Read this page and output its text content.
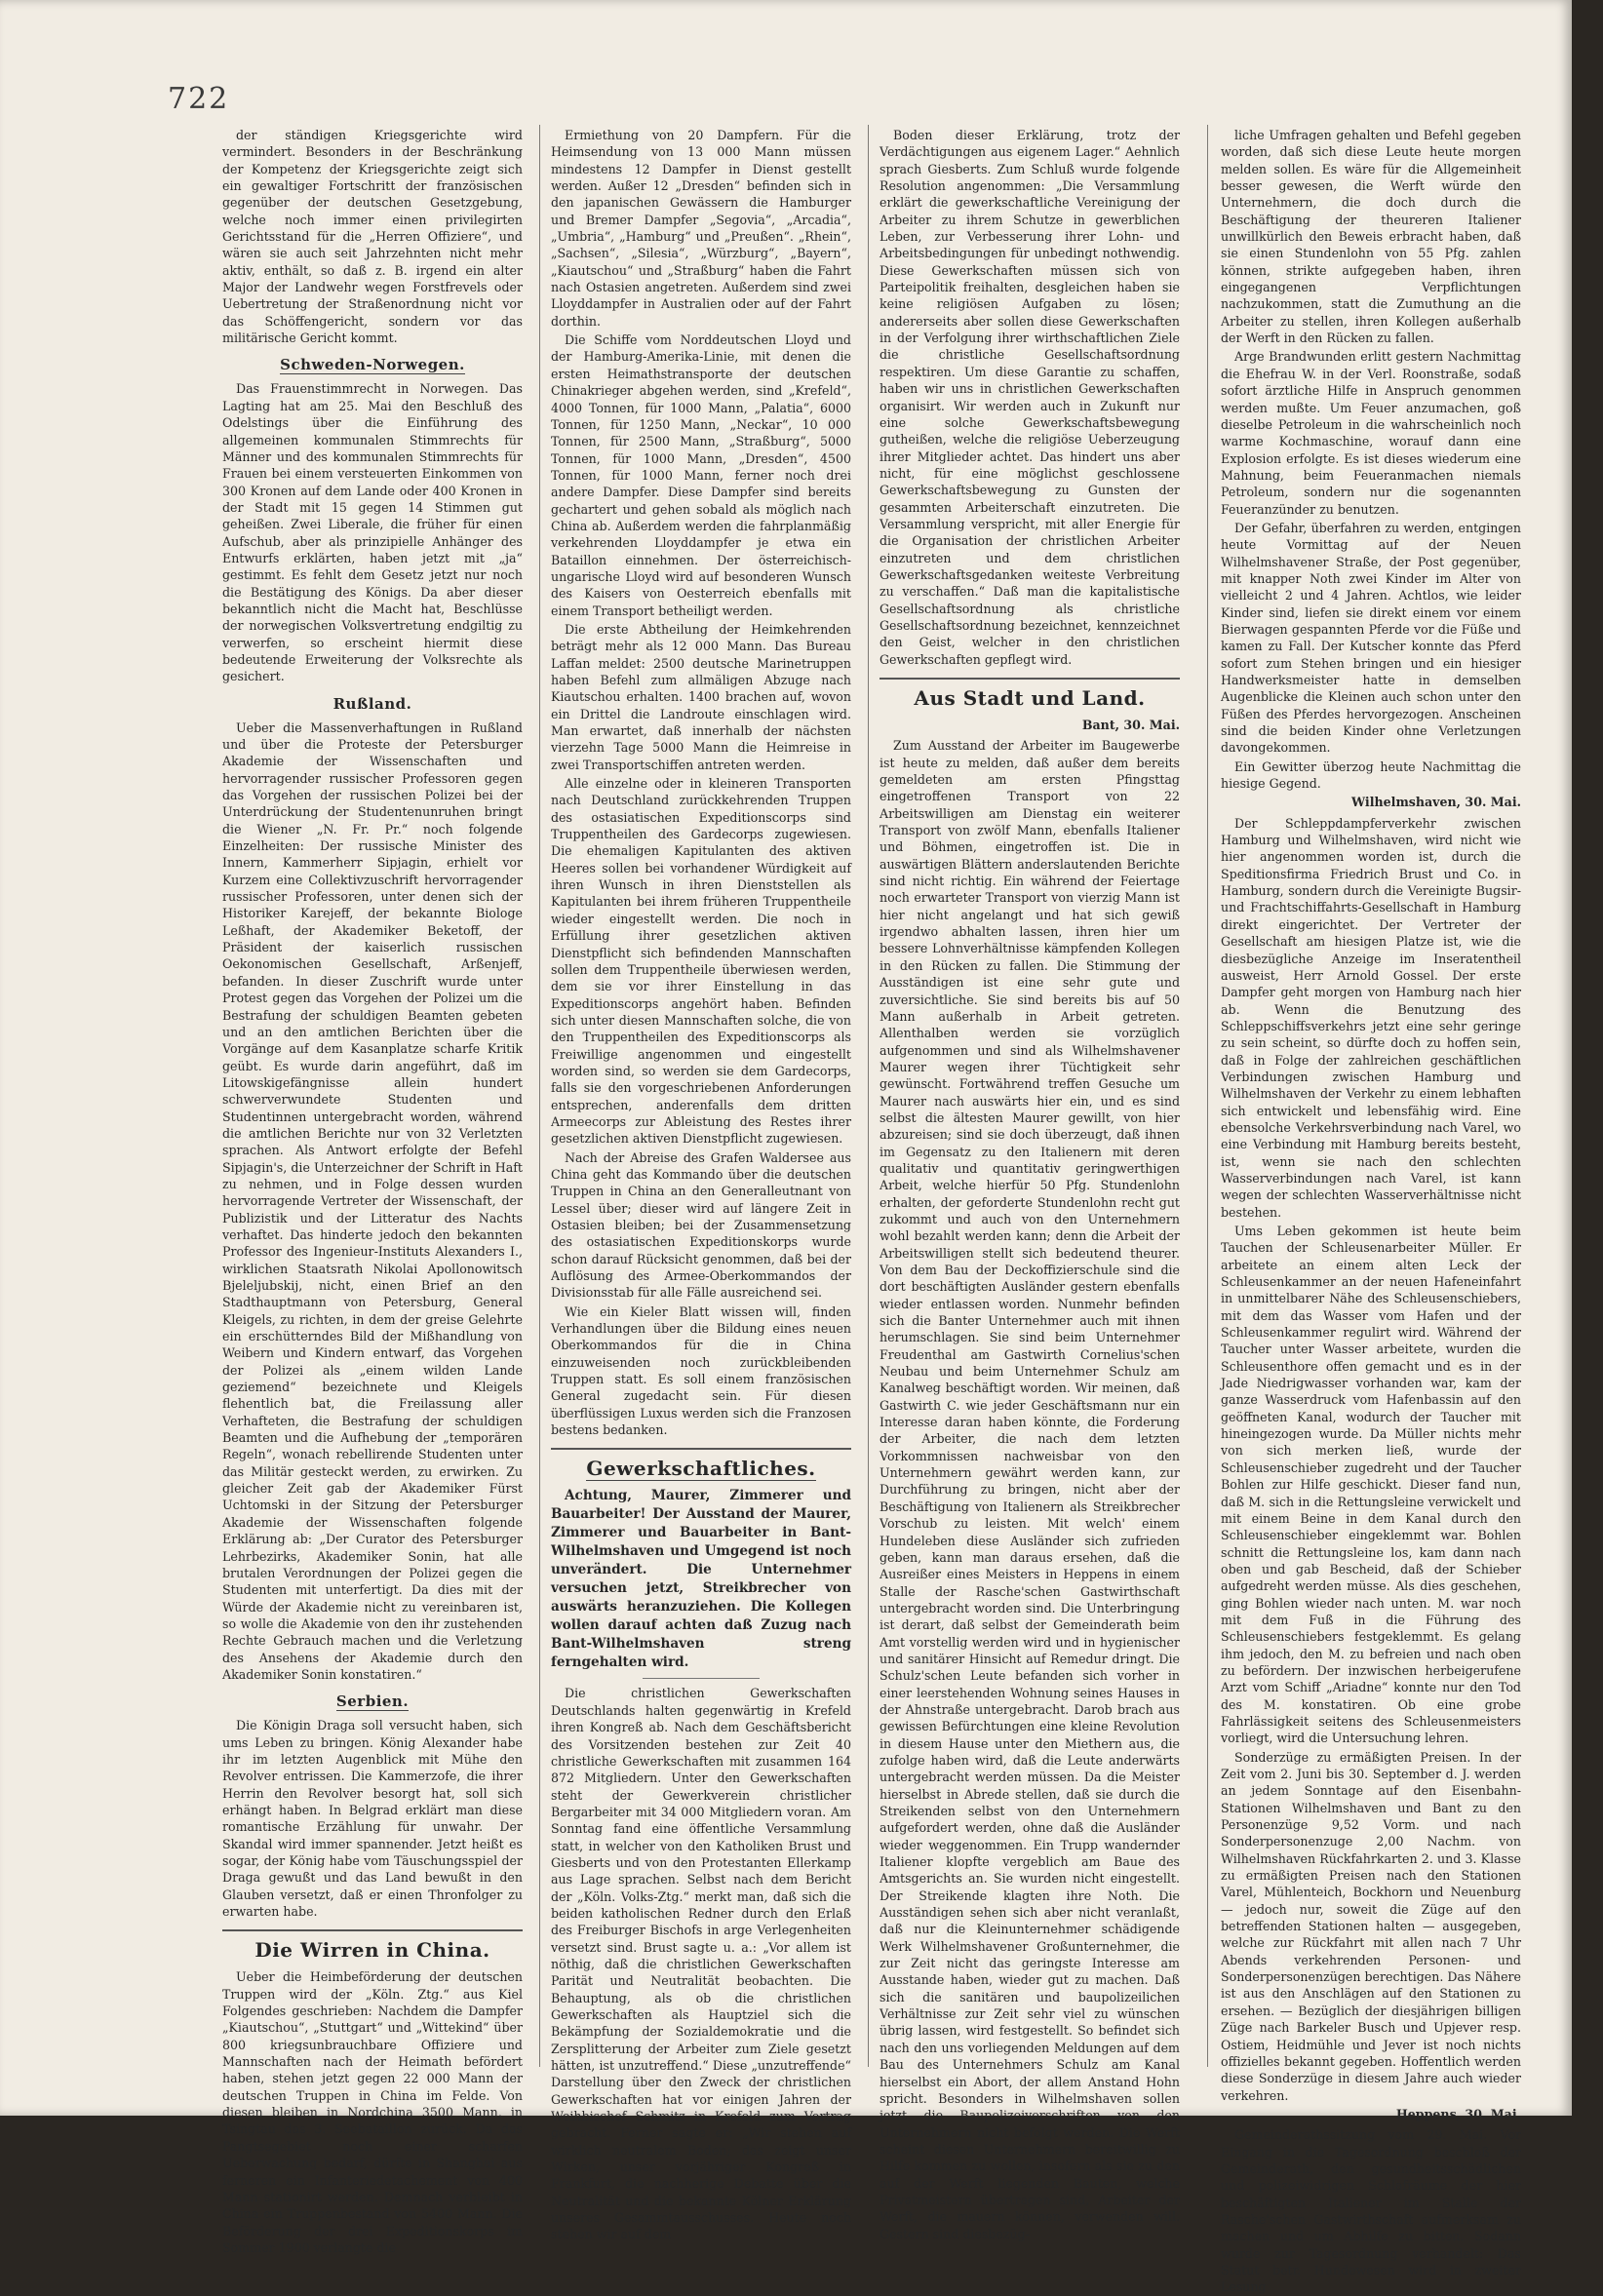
722

der ständigen Kriegsgerichte wird vermindert. Besonders in der Beschränkung der Kompetenz der Kriegsgerichte zeigt sich ein gewaltiger Fortschritt der französischen gegenüber der deutschen Gesetzgebung, welche noch immer einen privilegirten Gerichtsstand für die „Herren Offiziere“, und wären sie auch seit Jahrzehnten nicht mehr aktiv, enthält, so daß z. B. irgend ein alter Major der Landwehr wegen Forstfrevels oder Uebertretung der Straßenordnung nicht vor das Schöffengericht, sondern vor das militärische Gericht kommt.

Schweden-Norwegen.

Das Frauenstimmrecht in Norwegen. Das Lagting hat am 25. Mai den Beschluß des Odelstings über die Einführung des allgemeinen kommunalen Stimmrechts für Männer und des kommunalen Stimmrechts für Frauen bei einem versteuerten Einkommen von 300 Kronen auf dem Lande oder 400 Kronen in der Stadt mit 15 gegen 14 Stimmen gut geheißen. Zwei Liberale, die früher für einen Aufschub, aber als prinzipielle Anhänger des Entwurfs erklärten, haben jetzt mit „ja“ gestimmt. Es fehlt dem Gesetz jetzt nur noch die Bestätigung des Königs. Da aber dieser bekanntlich nicht die Macht hat, Beschlüsse der norwegischen Volksvertretung endgiltig zu verwerfen, so erscheint hiermit diese bedeutende Erweiterung der Volksrechte als gesichert.

Rußland.

Ueber die Massenverhaftungen in Rußland und über die Proteste der Petersburger Akademie der Wissenschaften und hervorragender russischer Professoren gegen das Vorgehen der russischen Polizei bei der Unterdrückung der Studentenunruhen bringt die Wiener „N. Fr. Pr.“ noch folgende Einzelheiten: Der russische Minister des Innern, Kammerherr Sipjagin, erhielt vor Kurzem eine Collektivzuschrift hervorragender russischer Professoren, unter denen sich der Historiker Karejeff, der bekannte Biologe Leßhaft, der Akademiker Beketoff, der Präsident der kaiserlich russischen Oekonomischen Gesellschaft, Arßenjeff, befanden. In dieser Zuschrift wurde unter Protest gegen das Vorgehen der Polizei um die Bestrafung der schuldigen Beamten gebeten und an den amtlichen Berichten über die Vorgänge auf dem Kasanplatze scharfe Kritik geübt. Es wurde darin angeführt, daß im Litowskigefängnisse allein hundert schwerverwundete Studenten und Studentinnen untergebracht worden, während die amtlichen Berichte nur von 32 Verletzten sprachen. Als Antwort erfolgte der Befehl Sipjagin's, die Unterzeichner der Schrift in Haft zu nehmen, und in Folge dessen wurden hervorragende Vertreter der Wissenschaft, der Publizistik und der Litteratur des Nachts verhaftet. Das hinderte jedoch den bekannten Professor des Ingenieur-Instituts Alexanders I., wirklichen Staatsrath Nikolai Apollonowitsch Bjeleljubskij, nicht, einen Brief an den Stadthauptmann von Petersburg, General Kleigels, zu richten, in dem der greise Gelehrte ein erschütterndes Bild der Mißhandlung von Weibern und Kindern entwarf, das Vorgehen der Polizei als „einem wilden Lande geziemend“ bezeichnete und Kleigels flehentlich bat, die Freilassung aller Verhafteten, die Bestrafung der schuldigen Beamten und die Aufhebung der „temporären Regeln“, wonach rebellirende Studenten unter das Militär gesteckt werden, zu erwirken. Zu gleicher Zeit gab der Akademiker Fürst Uchtomski in der Sitzung der Petersburger Akademie der Wissenschaften folgende Erklärung ab: „Der Curator des Petersburger Lehrbezirks, Akademiker Sonin, hat alle brutalen Verordnungen der Polizei gegen die Studenten mit unterfertigt. Da dies mit der Würde der Akademie nicht zu vereinbaren ist, so wolle die Akademie von den ihr zustehenden Rechte Gebrauch machen und die Verletzung des Ansehens der Akademie durch den Akademiker Sonin konstatiren.“

Serbien.

Die Königin Draga soll versucht haben, sich ums Leben zu bringen. König Alexander habe ihr im letzten Augenblick mit Mühe den Revolver entrissen. Die Kammerzofe, die ihrer Herrin den Revolver besorgt hat, soll sich erhängt haben. In Belgrad erklärt man diese romantische Erzählung für unwahr. Der Skandal wird immer spannender. Jetzt heißt es sogar, der König habe vom Täuschungsspiel der Draga gewußt und das Land bewußt in den Glauben versetzt, daß er einen Thronfolger zu erwarten habe.

Die Wirren in China.

Ueber die Heimbeförderung der deutschen Truppen wird der „Köln. Ztg.“ aus Kiel Folgendes geschrieben: Nachdem die Dampfer „Kiautschou“, „Stuttgart“ und „Wittekind“ über 800 kriegsunbrauchbare Offiziere und Mannschaften nach der Heimath befördert haben, stehen jetzt gegen 22 000 Mann der deutschen Truppen in China im Felde. Von diesen bleiben in Nordchina 3500 Mann, in Tsingtau das 3. Seebataillon zurück. Da das Pangtsegebiet noch einer scharfen Ueberwachung bedarf, dürfte in Shanghai aus ferneren ein Infanteriedetachement von 400 Mann stationirt werden. Demnach verbleibt in China ein Truppenbestand von 5400 Mann. Die Beförderung der drei Expeditionskorps im Sommer 1900 verlangte die

Ermiethung von 20 Dampfern. Für die Heimsendung von 13 000 Mann müssen mindestens 12 Dampfer in Dienst gestellt werden. Außer 12 „Dresden“ befinden sich in den japanischen Gewässern die Hamburger und Bremer Dampfer „Segovia“, „Arcadia“, „Umbria“, „Hamburg“ und „Preußen“. „Rhein“, „Sachsen“, „Silesia“, „Würzburg“, „Bayern“, „Kiautschou“ und „Straßburg“ haben die Fahrt nach Ostasien angetreten. Außerdem sind zwei Lloyddampfer in Australien oder auf der Fahrt dorthin.

Die Schiffe vom Norddeutschen Lloyd und der Hamburg-Amerika-Linie, mit denen die ersten Heimathstransporte der deutschen Chinakrieger abgehen werden, sind „Krefeld“, 4000 Tonnen, für 1000 Mann, „Palatia“, 6000 Tonnen, für 1250 Mann, „Neckar“, 10 000 Tonnen, für 2500 Mann, „Straßburg“, 5000 Tonnen, für 1000 Mann, „Dresden“, 4500 Tonnen, für 1000 Mann, ferner noch drei andere Dampfer. Diese Dampfer sind bereits gechartert und gehen sobald als möglich nach China ab. Außerdem werden die fahrplanmäßig verkehrenden Lloyddampfer je etwa ein Bataillon einnehmen. Der österreichisch-ungarische Lloyd wird auf besonderen Wunsch des Kaisers von Oesterreich ebenfalls mit einem Transport betheiligt werden.

Die erste Abtheilung der Heimkehrenden beträgt mehr als 12 000 Mann. Das Bureau Laffan meldet: 2500 deutsche Marinetruppen haben Befehl zum allmäligen Abzuge nach Kiautschou erhalten. 1400 brachen auf, wovon ein Drittel die Landroute einschlagen wird. Man erwartet, daß innerhalb der nächsten vierzehn Tage 5000 Mann die Heimreise in zwei Transportschiffen antreten werden.

Alle einzelne oder in kleineren Transporten nach Deutschland zurückkehrenden Truppen des ostasiatischen Expeditionscorps sind Truppentheilen des Gardecorps zugewiesen. Die ehemaligen Kapitulanten des aktiven Heeres sollen bei vorhandener Würdigkeit auf ihren Wunsch in ihren Dienststellen als Kapitulanten bei ihrem früheren Truppentheile wieder eingestellt werden. Die noch in Erfüllung ihrer gesetzlichen aktiven Dienstpflicht sich befindenden Mannschaften sollen dem Truppentheile überwiesen werden, dem sie vor ihrer Einstellung in das Expeditionscorps angehört haben. Befinden sich unter diesen Mannschaften solche, die von den Truppentheilen des Expeditionscorps als Freiwillige angenommen und eingestellt worden sind, so werden sie dem Gardecorps, falls sie den vorgeschriebenen Anforderungen entsprechen, anderenfalls dem dritten Armeecorps zur Ableistung des Restes ihrer gesetzlichen aktiven Dienstpflicht zugewiesen.

Nach der Abreise des Grafen Waldersee aus China geht das Kommando über die deutschen Truppen in China an den Generalleutnant von Lessel über; dieser wird auf längere Zeit in Ostasien bleiben; bei der Zusammensetzung des ostasiatischen Expeditionskorps wurde schon darauf Rücksicht genommen, daß bei der Auflösung des Armee-Oberkommandos der Divisionsstab für alle Fälle ausreichend sei.

Wie ein Kieler Blatt wissen will, finden Verhandlungen über die Bildung eines neuen Oberkommandos für die in China einzuweisenden noch zurückbleibenden Truppen statt. Es soll einem französischen General zugedacht sein. Für diesen überflüssigen Luxus werden sich die Franzosen bestens bedanken.

Gewerkschaftliches.

Achtung, Maurer, Zimmerer und Bauarbeiter! Der Ausstand der Maurer, Zimmerer und Bauarbeiter in Bant-Wilhelmshaven und Umgegend ist noch unverändert. Die Unternehmer versuchen jetzt, Streikbrecher von auswärts heranzuziehen. Die Kollegen wollen darauf achten daß Zuzug nach Bant-Wilhelmshaven streng ferngehalten wird.

Die christlichen Gewerkschaften Deutschlands halten gegenwärtig in Krefeld ihren Kongreß ab. Nach dem Geschäftsbericht des Vorsitzenden bestehen zur Zeit 40 christliche Gewerkschaften mit zusammen 164 872 Mitgliedern. Unter den Gewerkschaften steht der Gewerkverein christlicher Bergarbeiter mit 34 000 Mitgliedern voran. Am Sonntag fand eine öffentliche Versammlung statt, in welcher von den Katholiken Brust und Giesberts und von den Protestanten Ellerkamp aus Lage sprachen. Selbst nach dem Bericht der „Köln. Volks-Ztg.“ merkt man, daß sich die beiden katholischen Redner durch den Erlaß des Freiburger Bischofs in arge Verlegenheiten versetzt sind. Brust sagte u. a.: „Vor allem ist nöthig, daß die christlichen Gewerkschaften Parität und Neutralität beobachten. Die Behauptung, als ob die christlichen Gewerkschaften als Hauptziel sich die Bekämpfung der Sozialdemokratie und die Zersplitterung der Arbeiter zum Ziele gesetzt hätten, ist unzutreffend.“ Diese „unzutreffende“ Darstellung über den Zweck der christlichen Gewerkschaften hat vor einigen Jahren der Weihbischof Schmitz in Krefeld zum Vortrag gebracht. Ferner sagte er: „Wir stehen auf wirklich neutralem Boden; das zeigt unser Wirken, unser vorjähriger Kongreß in Frankfurt, die nachherige Debatte über die Neutralität und die bekannte Kölner Erklärung unseres Gesammtausschusses. Heute noch stehen wir auf dem

Boden dieser Erklärung, trotz der Verdächtigungen aus eigenem Lager.“ Aehnlich sprach Giesberts. Zum Schluß wurde folgende Resolution angenommen: „Die Versammlung erklärt die gewerkschaftliche Vereinigung der Arbeiter zu ihrem Schutze in gewerblichen Leben, zur Verbesserung ihrer Lohn- und Arbeitsbedingungen für unbedingt nothwendig. Diese Gewerkschaften müssen sich von Parteipolitik freihalten, desgleichen haben sie keine religiösen Aufgaben zu lösen; andererseits aber sollen diese Gewerkschaften in der Verfolgung ihrer wirthschaftlichen Ziele die christliche Gesellschaftsordnung respektiren. Um diese Garantie zu schaffen, haben wir uns in christlichen Gewerkschaften organisirt. Wir werden auch in Zukunft nur eine solche Gewerkschaftsbewegung gutheißen, welche die religiöse Ueberzeugung ihrer Mitglieder achtet. Das hindert uns aber nicht, für eine möglichst geschlossene Gewerkschaftsbewegung zu Gunsten der gesammten Arbeiterschaft einzutreten. Die Versammlung verspricht, mit aller Energie für die Organisation der christlichen Arbeiter einzutreten und dem christlichen Gewerkschaftsgedanken weiteste Verbreitung zu verschaffen.“ Daß man die kapitalistische Gesellschaftsordnung als christliche Gesellschaftsordnung bezeichnet, kennzeichnet den Geist, welcher in den christlichen Gewerkschaften gepflegt wird.

Aus Stadt und Land.
Bant, 30. Mai.

Zum Ausstand der Arbeiter im Baugewerbe ist heute zu melden, daß außer dem bereits gemeldeten am ersten Pfingsttag eingetroffenen Transport von 22 Arbeitswilligen am Dienstag ein weiterer Transport von zwölf Mann, ebenfalls Italiener und Böhmen, eingetroffen ist. Die in auswärtigen Blättern anderslautenden Berichte sind nicht richtig. Ein während der Feiertage noch erwarteter Transport von vierzig Mann ist hier nicht angelangt und hat sich gewiß irgendwo abhalten lassen, ihren hier um bessere Lohnverhältnisse kämpfenden Kollegen in den Rücken zu fallen. Die Stimmung der Ausständigen ist eine sehr gute und zuversichtliche. Sie sind bereits bis auf 50 Mann außerhalb in Arbeit getreten. Allenthalben werden sie vorzüglich aufgenommen und sind als Wilhelmshavener Maurer wegen ihrer Tüchtigkeit sehr gewünscht. Fortwährend treffen Gesuche um Maurer nach auswärts hier ein, und es sind selbst die ältesten Maurer gewillt, von hier abzureisen; sind sie doch überzeugt, daß ihnen im Gegensatz zu den Italienern mit deren qualitativ und quantitativ geringwerthigen Arbeit, welche hierfür 50 Pfg. Stundenlohn erhalten, der geforderte Stundenlohn recht gut zukommt und auch von den Unternehmern wohl bezahlt werden kann; denn die Arbeit der Arbeitswilligen stellt sich bedeutend theurer. Von dem Bau der Deckoffizierschule sind die dort beschäftigten Ausländer gestern ebenfalls wieder entlassen worden. Nunmehr befinden sich die Banter Unternehmer auch mit ihnen herumschlagen. Sie sind beim Unternehmer Freudenthal am Gastwirth Cornelius'schen Neubau und beim Unternehmer Schulz am Kanalweg beschäftigt worden. Wir meinen, daß Gastwirth C. wie jeder Geschäftsmann nur ein Interesse daran haben könnte, die Forderung der Arbeiter, die nach dem letzten Vorkommnissen nachweisbar von den Unternehmern gewährt werden kann, zur Durchführung zu bringen, nicht aber der Beschäftigung von Italienern als Streikbrecher Vorschub zu leisten. Mit welch' einem Hundeleben diese Ausländer sich zufrieden geben, kann man daraus ersehen, daß die Ausreißer eines Meisters in Heppens in einem Stalle der Rasche'schen Gastwirthschaft untergebracht worden sind. Die Unterbringung ist derart, daß selbst der Gemeinderath beim Amt vorstellig werden wird und in hygienischer und sanitärer Hinsicht auf Remedur dringt. Die Schulz'schen Leute befanden sich vorher in einer leerstehenden Wohnung seines Hauses in der Ahnstraße untergebracht. Darob brach aus gewissen Befürchtungen eine kleine Revolution in diesem Hause unter den Miethern aus, die zufolge haben wird, daß die Leute anderwärts untergebracht werden müssen. Da die Meister hierselbst in Abrede stellen, daß sie durch die Streikenden selbst von den Unternehmern aufgefordert werden, ohne daß die Ausländer wieder weggenommen. Ein Trupp wandernder Italiener klopfte vergeblich am Baue des Amtsgerichts an. Sie wurden nicht eingestellt. Der Streikende klagten ihre Noth. Die Ausständigen sehen sich aber nicht veranlaßt, daß nur die Kleinunternehmer schädigende Werk Wilhelmshavener Großunternehmer, die zur Zeit nicht das geringste Interesse am Ausstande haben, wieder gut zu machen. Daß sich die sanitären und baupolizeilichen Verhältnisse zur Zeit sehr viel zu wünschen übrig lassen, wird festgestellt. So befindet sich nach den uns vorliegenden Meldungen auf dem Bau des Unternehmers Schulz am Kanal hierselbst ein Abort, der allem Anstand Hohn spricht. Besonders in Wilhelmshaven sollen jetzt die Baupolizeivorschriften von den Unternehmern nicht befolgt werden. Die Werft scheint diesen Unternehmern bereitwillig zu Hilfe kommen zu wollen, insofern als sie zu den auf der Werft liegenden Bauten, welche Privatmeistern übertragen sind, Arbeiter der Werft, die mauern können, verwenden will. Gestern sind diesbezüg-

liche Umfragen gehalten und Befehl gegeben worden, daß sich diese Leute heute morgen melden sollen. Es wäre für die Allgemeinheit besser gewesen, die Werft würde den Unternehmern, die doch durch die Beschäftigung der theureren Italiener unwillkürlich den Beweis erbracht haben, daß sie einen Stundenlohn von 55 Pfg. zahlen können, strikte aufgegeben haben, ihren eingegangenen Verpflichtungen nachzukommen, statt die Zumuthung an die Arbeiter zu stellen, ihren Kollegen außerhalb der Werft in den Rücken zu fallen.

Arge Brandwunden erlitt gestern Nachmittag die Ehefrau W. in der Verl. Roonstraße, sodaß sofort ärztliche Hilfe in Anspruch genommen werden mußte. Um Feuer anzumachen, goß dieselbe Petroleum in die wahrscheinlich noch warme Kochmaschine, worauf dann eine Explosion erfolgte. Es ist dieses wiederum eine Mahnung, beim Feueranmachen niemals Petroleum, sondern nur die sogenannten Feueranzünder zu benutzen.

Der Gefahr, überfahren zu werden, entgingen heute Vormittag auf der Neuen Wilhelmshavener Straße, der Post gegenüber, mit knapper Noth zwei Kinder im Alter von vielleicht 2 und 4 Jahren. Achtlos, wie leider Kinder sind, liefen sie direkt einem vor einem Bierwagen gespannten Pferde vor die Füße und kamen zu Fall. Der Kutscher konnte das Pferd sofort zum Stehen bringen und ein hiesiger Handwerksmeister hatte in demselben Augenblicke die Kleinen auch schon unter den Füßen des Pferdes hervorgezogen. Anscheinen sind die beiden Kinder ohne Verletzungen davongekommen.

Ein Gewitter überzog heute Nachmittag die hiesige Gegend.

Wilhelmshaven, 30. Mai.

Der Schleppdampferverkehr zwischen Hamburg und Wilhelmshaven, wird nicht wie hier angenommen worden ist, durch die Speditionsfirma Friedrich Brust und Co. in Hamburg, sondern durch die Vereinigte Bugsir- und Frachtschiffahrts-Gesellschaft in Hamburg direkt eingerichtet. Der Vertreter der Gesellschaft am hiesigen Platze ist, wie die diesbezügliche Anzeige im Inseratentheil ausweist, Herr Arnold Gossel. Der erste Dampfer geht morgen von Hamburg nach hier ab. Wenn die Benutzung des Schleppschiffsverkehrs jetzt eine sehr geringe zu sein scheint, so dürfte doch zu hoffen sein, daß in Folge der zahlreichen geschäftlichen Verbindungen zwischen Hamburg und Wilhelmshaven der Verkehr zu einem lebhaften sich entwickelt und lebensfähig wird. Eine ebensolche Verkehrsverbindung nach Varel, wo eine Verbindung mit Hamburg bereits besteht, ist, wenn sie nach den schlechten Wasserverbindungen nach Varel, ist kann wegen der schlechten Wasserverhältnisse nicht bestehen.

Ums Leben gekommen ist heute beim Tauchen der Schleusenarbeiter Müller. Er arbeitete an einem alten Leck der Schleusenkammer an der neuen Hafeneinfahrt in unmittelbarer Nähe des Schleusenschiebers, mit dem das Wasser vom Hafen und der Schleusenkammer regulirt wird. Während der Taucher unter Wasser arbeitete, wurden die Schleusenthore offen gemacht und es in der Jade Niedrigwasser vorhanden war, kam der ganze Wasserdruck vom Hafenbassin auf den geöffneten Kanal, wodurch der Taucher mit hineingezogen wurde. Da Müller nichts mehr von sich merken ließ, wurde der Schleusenschieber zugedreht und der Taucher Bohlen zur Hilfe geschickt. Dieser fand nun, daß M. sich in die Rettungsleine verwickelt und mit einem Beine in dem Kanal durch den Schleusenschieber eingeklemmt war. Bohlen schnitt die Rettungsleine los, kam dann nach oben und gab Bescheid, daß der Schieber aufgedreht werden müsse. Als dies geschehen, ging Bohlen wieder nach unten. M. war noch mit dem Fuß in die Führung des Schleusenschiebers festgeklemmt. Es gelang ihm jedoch, den M. zu befreien und nach oben zu befördern. Der inzwischen herbeigerufene Arzt vom Schiff „Ariadne“ konnte nur den Tod des M. konstatiren. Ob eine grobe Fahrlässigkeit seitens des Schleusenmeisters vorliegt, wird die Untersuchung lehren.

Sonderzüge zu ermäßigten Preisen. In der Zeit vom 2. Juni bis 30. September d. J. werden an jedem Sonntage auf den Eisenbahn-Stationen Wilhelmshaven und Bant zu den Personenzüge 9,52 Vorm. und nach Sonderpersonenzuge 2,00 Nachm. von Wilhelmshaven Rückfahrkarten 2. und 3. Klasse zu ermäßigten Preisen nach den Stationen Varel, Mühlenteich, Bockhorn und Neuenburg — jedoch nur, soweit die Züge auf den betreffenden Stationen halten — ausgegeben, welche zur Rückfahrt mit allen nach 7 Uhr Abends verkehrenden Personen- und Sonderpersonenzügen berechtigen. Das Nähere ist aus den Anschlägen auf den Stationen zu ersehen. — Bezüglich der diesjährigen billigen Züge nach Barkeler Busch und Upjever resp. Ostiem, Heidmühle und Jever ist noch nichts offizielles bekannt gegeben. Hoffentlich werden diese Sonderzüge in diesem Jahre auch wieder verkehren.

Heppens, 30. Mai.

Gemeinderathssitzung vom 29. Mai. Vor Eingang in die Tagesordnung beschloß der Gemeinderath, den gesundheitsschädlichen und polizeiwidrigen Schlafräume der hier beschäftigten Italiener im Stalle der Rasche'schen Gastwirthschaft aufmerksam zu machen und um Abhilfe zu bitten. Sodann wurde zur Tagesordnung verhandelt: Das Statut betr. Hundewesen wird in zweiter Lesung
